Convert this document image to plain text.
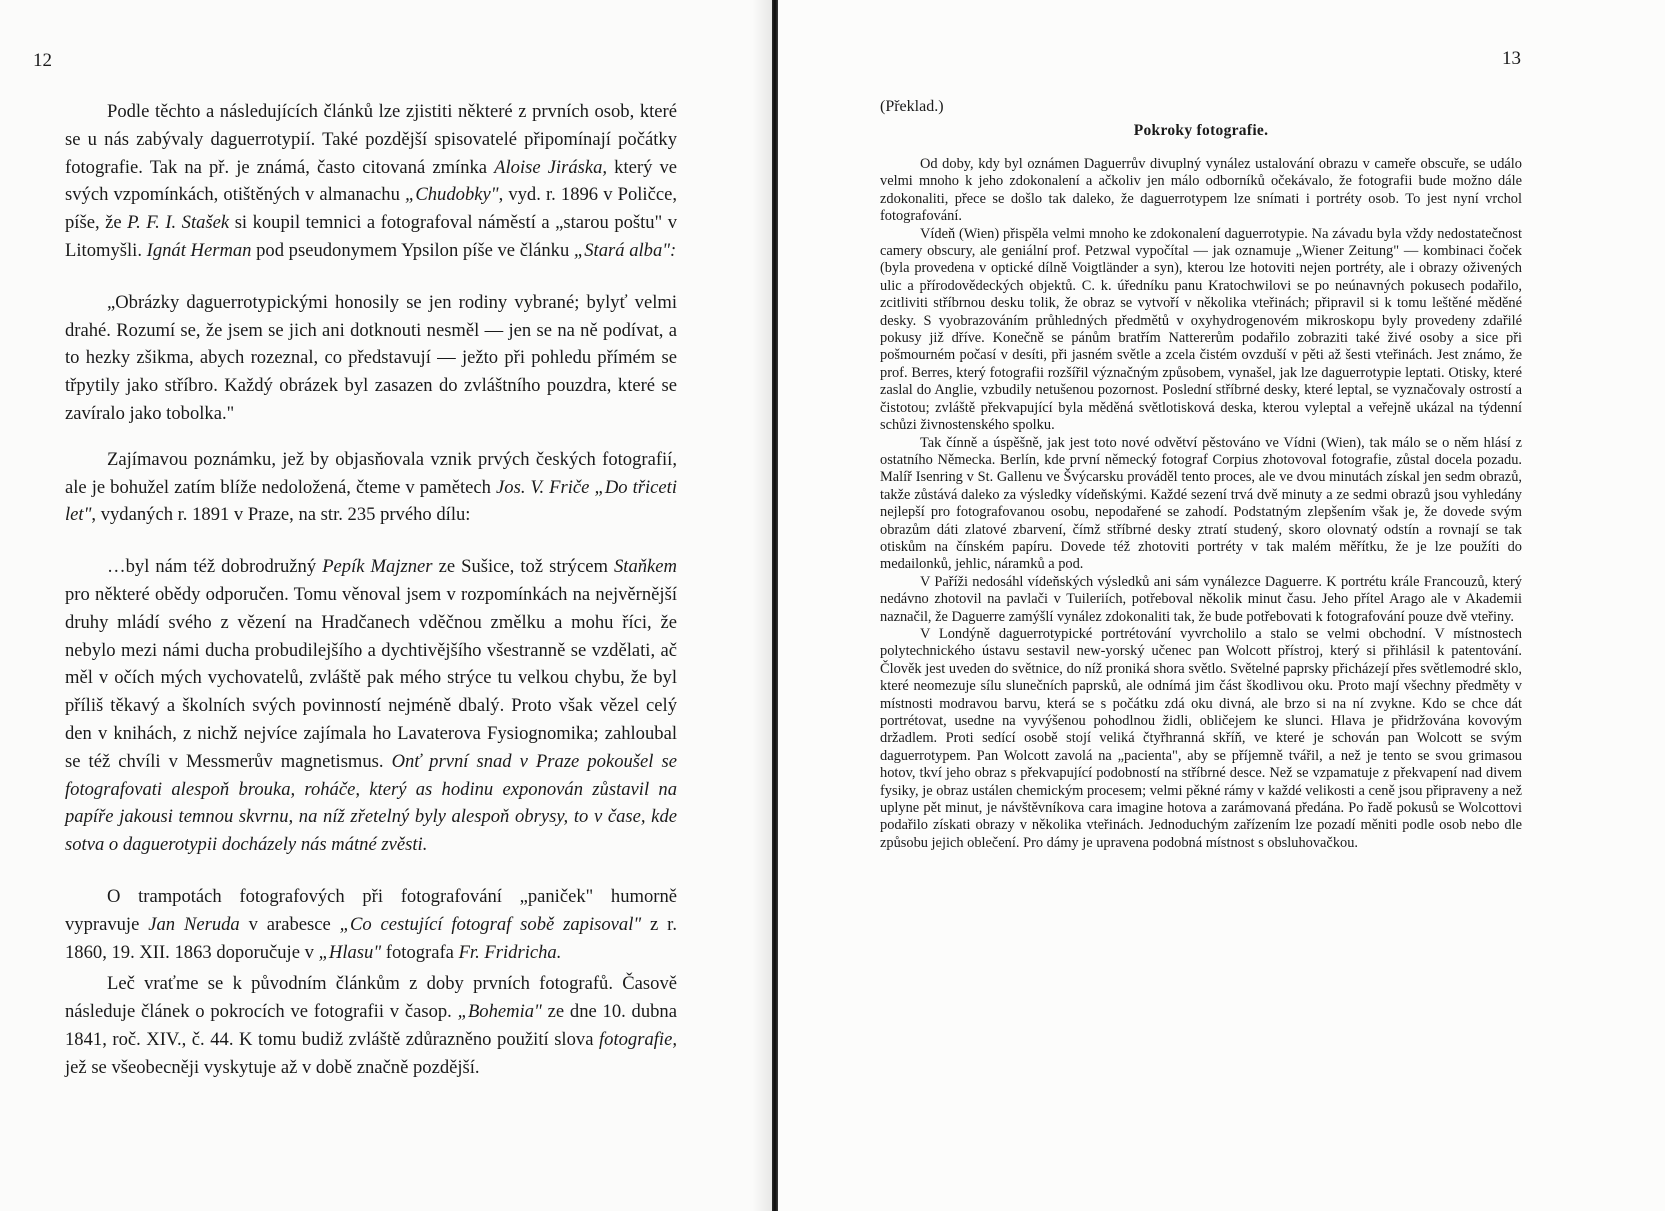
12

Podle těchto a následujících článků lze zjistiti některé z prvních osob, které se u nás zabývaly daguerrotypií. Také pozdější spisovatelé připomínají počátky fotografie. Tak na př. je známá, často citovaná zmínka Aloise Jiráska, který ve svých vzpomínkách, otištěných v almanachu „Chudobky", vyd. r. 1896 v Poličce, píše, že P. F. I. Stašek si koupil temnici a fotografoval náměstí a „starou poštu" v Litomyšli. Ignát Herman pod pseudonymem Ypsilon píše ve článku „Stará alba":

„Obrázky daguerrotypickými honosily se jen rodiny vybrané; bylyť velmi drahé. Rozumí se, že jsem se jich ani dotknouti nesměl — jen se na ně podívat, a to hezky zšikma, abych rozeznal, co představují — ježto při pohledu přímém se třpytily jako stříbro. Každý obrázek byl zasazen do zvláštního pouzdra, které se zavíralo jako tobolka."

Zajímavou poznámku, jež by objasňovala vznik prvých českých fotografií, ale je bohužel zatím blíže nedoložená, čteme v pamětech Jos. V. Friče „Do třiceti let", vydaných r. 1891 v Praze, na str. 235 prvého dílu:

…byl nám též dobrodružný Pepík Majzner ze Sušice, tož strýcem Staňkem pro některé obědy odporučen. Tomu věnoval jsem v rozpomínkách na nejvěrnější druhy mládí svého z vězení na Hradčanech vděčnou změlku a mohu říci, že nebylo mezi námi ducha probudilejšího a dychtivějšího všestranně se vzdělati, ač měl v očích mých vychovatelů, zvláště pak mého strýce tu velkou chybu, že byl příliš těkavý a školních svých povinností nejméně dbalý. Proto však vězel celý den v knihách, z nichž nejvíce zajímala ho Lavaterova Fysiognomika; zahloubal se též chvíli v Messmerův magnetismus. Onť první snad v Praze pokoušel se fotografovati alespoň brouka, roháče, který as hodinu exponován zůstavil na papíře jakousi temnou skvrnu, na níž zřetelný byly alespoň obrysy, to v čase, kde sotva o daguerotypii docházely nás mátné zvěsti.

O trampotách fotografových při fotografování „paniček" humorně vypravuje Jan Neruda v arabesce „Co cestující fotograf sobě zapisoval" z r. 1860, 19. XII. 1863 doporučuje v „Hlasu" fotografa Fr. Fridricha.

Leč vraťme se k původním článkům z doby prvních fotografů. Časově následuje článek o pokrocích ve fotografii v časop. „Bohemia" ze dne 10. dubna 1841, roč. XIV., č. 44. K tomu budiž zvláště zdůrazněno použití slova fotografie, jež se všeobecněji vyskytuje až v době značně pozdější.

13
(Překlad.)
Pokroky fotografie.

Od doby, kdy byl oznámen Daguerrův divuplný vynález ustalování obrazu v cameře obscuře, se událo velmi mnoho k jeho zdokonalení a ačkoliv jen málo odborníků očekávalo, že fotografii bude možno dále zdokonaliti, přece se došlo tak daleko, že daguerrotypem lze snímati i portréty osob. To jest nyní vrchol fotografování.

Vídeň (Wien) přispěla velmi mnoho ke zdokonalení daguerrotypie. Na závadu byla vždy nedostatečnost camery obscury, ale geniální prof. Petzwal vypočítal — jak oznamuje „Wiener Zeitung" — kombinaci čoček (byla provedena v optické dílně Voigtländer a syn), kterou lze hotoviti nejen portréty, ale i obrazy oživených ulic a přírodovědeckých objektů. C. k. úředníku panu Kratochwilovi se po neúnavných pokusech podařilo, zcitliviti stříbrnou desku tolik, že obraz se vytvoří v několika vteřinách; připravil si k tomu leštěné měděné desky. S vyobrazováním průhledných předmětů v oxyhydrogenovém mikroskopu byly provedeny zdařilé pokusy již dříve. Konečně se pánům bratřím Nattererům podařilo zobraziti také živé osoby a sice při pošmourném počasí v desíti, při jasném světle a zcela čistém ovzduší v pěti až šesti vteřinách. Jest známo, že prof. Berres, který fotografii rozšířil význačným způsobem, vynašel, jak lze daguerrotypie leptati. Otisky, které zaslal do Anglie, vzbudily netušenou pozornost. Poslední stříbrné desky, které leptal, se vyznačovaly ostrostí a čistotou; zvláště překvapující byla měděná světlotisková deska, kterou vyleptal a veřejně ukázal na týdenní schůzi živnostenského spolku.

Tak čínně a úspěšně, jak jest toto nové odvětví pěstováno ve Vídni (Wien), tak málo se o něm hlásí z ostatního Německa. Berlín, kde první německý fotograf Corpius zhotovoval fotografie, zůstal docela pozadu. Malíř Isenring v St. Gallenu ve Švýcarsku prováděl tento proces, ale ve dvou minutách získal jen sedm obrazů, takže zůstává daleko za výsledky vídeňskými. Každé sezení trvá dvě minuty a ze sedmi obrazů jsou vyhledány nejlepší pro fotografovanou osobu, nepodařené se zahodí. Podstatným zlepšením však je, že dovede svým obrazům dáti zlatové zbarvení, čímž stříbrné desky ztratí studený, skoro olovnatý odstín a rovnají se tak otiskům na čínském papíru. Dovede též zhotoviti portréty v tak malém měřítku, že je lze použíti do medailonků, jehlic, náramků a pod.

V Paříži nedosáhl vídeňských výsledků ani sám vynálezce Daguerre. K portrétu krále Francouzů, který nedávno zhotovil na pavlači v Tuileriích, potřeboval několik minut času. Jeho přítel Arago ale v Akademii naznačil, že Daguerre zamýšlí vynález zdokonaliti tak, že bude potřebovati k fotografování pouze dvě vteřiny.

V Londýně daguerrotypické portrétování vyvrcholilo a stalo se velmi obchodní. V místnostech polytechnického ústavu sestavil new-yorský učenec pan Wolcott přístroj, který si přihlásil k patentování. Člověk jest uveden do světnice, do níž proniká shora světlo. Světelné paprsky přicházejí přes světlemodré sklo, které neomezuje sílu slunečních paprsků, ale odnímá jim část škodlivou oku. Proto mají všechny předměty v místnosti modravou barvu, která se s počátku zdá oku divná, ale brzo si na ní zvykne. Kdo se chce dát portrétovat, usedne na vyvýšenou pohodlnou židli, obličejem ke slunci. Hlava je přidržována kovovým držadlem. Proti sedící osobě stojí veliká čtyřhranná skříň, ve které je schován pan Wolcott se svým daguerrotypem. Pan Wolcott zavolá na „pacienta", aby se příjemně tvářil, a než je tento se svou grimasou hotov, tkví jeho obraz s překvapující podobností na stříbrné desce. Než se vzpamatuje z překvapení nad divem fysiky, je obraz ustálen chemickým procesem; velmi pěkné rámy v každé velikosti a ceně jsou připraveny a než uplyne pět minut, je návštěvníkova cara imagine hotova a zarámovaná předána. Po řadě pokusů se Wolcottovi podařilo získati obrazy v několika vteřinách. Jednoduchým zařízením lze pozadí měniti podle osob nebo dle způsobu jejich oblečení. Pro dámy je upravena podobná místnost s obsluhovačkou.
